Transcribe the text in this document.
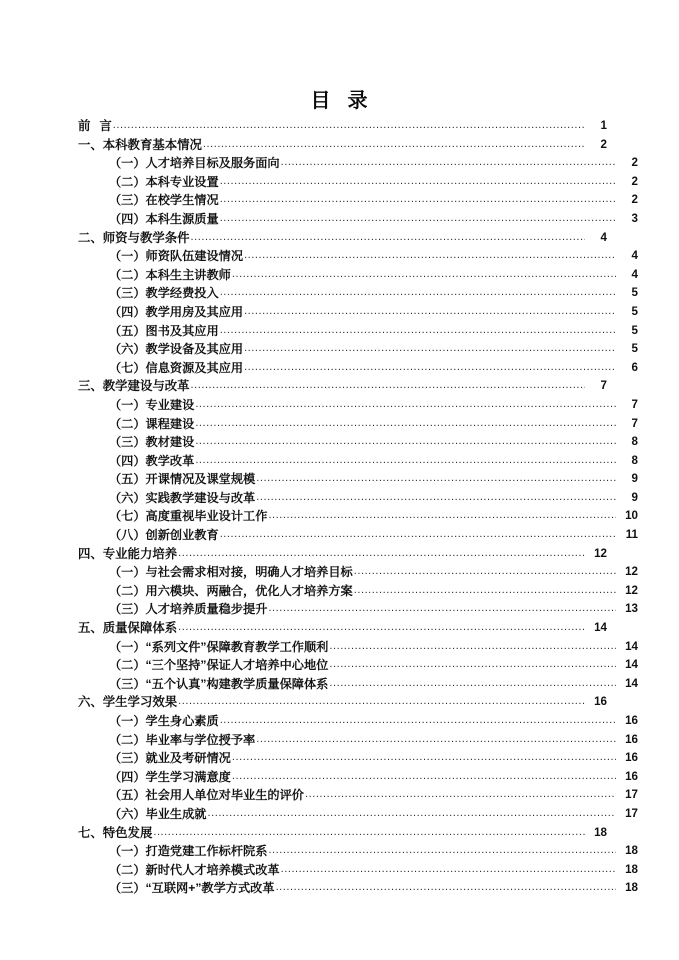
目 录
前 言 .....	1
一、本科教育基本情况 .....	2
（一）人才培养目标及服务面向 .....	2
（二）本科专业设置 .....	2
（三）在校学生情况 .....	2
（四）本科生源质量 .....	3
二、师资与教学条件 .....	4
（一）师资队伍建设情况 .....	4
（二）本科生主讲教师 .....	4
（三）教学经费投入 .....	5
（四）教学用房及其应用 .....	5
（五）图书及其应用 .....	5
（六）教学设备及其应用 .....	5
（七）信息资源及其应用 .....	6
三、教学建设与改革 .....	7
（一）专业建设 .....	7
（二）课程建设 .....	7
（三）教材建设 .....	8
（四）教学改革 .....	8
（五）开课情况及课堂规模 .....	9
（六）实践教学建设与改革 .....	9
（七）高度重视毕业设计工作 .....	10
（八）创新创业教育 .....	11
四、专业能力培养 .....	12
（一）与社会需求相对接，明确人才培养目标 .....	12
（二）用六模块、两融合，优化人才培养方案 .....	12
（三）人才培养质量稳步提升 .....	13
五、质量保障体系 .....	14
（一）“系列文件”保障教育教学工作顺利 .....	14
（二）“三个坚持”保证人才培养中心地位 .....	14
（三）“五个认真”构建教学质量保障体系 .....	14
六、学生学习效果 .....	16
（一）学生身心素质 .....	16
（二）毕业率与学位授予率 .....	16
（三）就业及考研情况 .....	16
（四）学生学习满意度 .....	16
（五）社会用人单位对毕业生的评价 .....	17
（六）毕业生成就 .....	17
七、特色发展 .....	18
（一）打造党建工作标杆院系 .....	18
（二）新时代人才培养模式改革 .....	18
（三）“互联网+”教学方式改革 .....	18
